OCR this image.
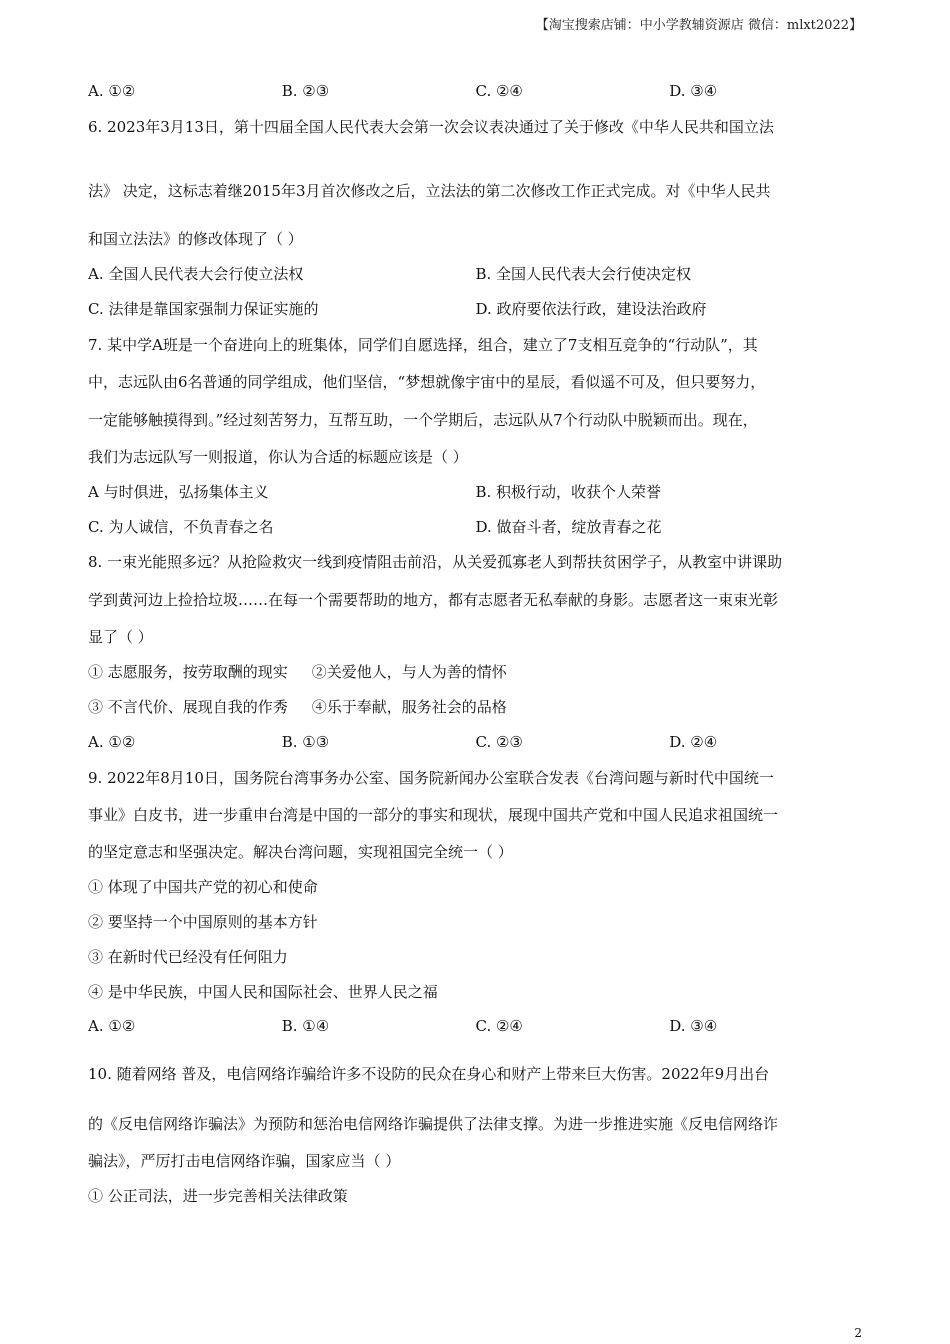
【淘宝搜索店铺：中小学教辅资源店 微信：mlxt2022】
A. ①②	B. ②③	C. ②④	D. ③④
6. 2023年3月13日，第十四届全国人民代表大会第一次会议表决通过了关于修改《中华人民共和国立法
法》 决定，这标志着继2015年3月首次修改之后，立法法的第二次修改工作正式完成。对《中华人民共
和国立法法》的修改体现了（ ）
A. 全国人民代表大会行使立法权	B. 全国人民代表大会行使决定权
C. 法律是靠国家强制力保证实施的	D. 政府要依法行政，建设法治政府
7. 某中学A班是一个奋进向上的班集体，同学们自愿选择，组合，建立了7支相互竞争的“行动队”，其
中，志远队由6名普通的同学组成，他们坚信，“梦想就像宇宙中的星辰，看似遥不可及，但只要努力，
一定能够触摸得到。”经过刻苦努力，互帮互助，一个学期后，志远队从7个行动队中脱颖而出。现在，
我们为志远队写一则报道，你认为合适的标题应该是（ ）
A 与时俱进，弘扬集体主义	B. 积极行动，收获个人荣誉
C. 为人诚信，不负青春之名	D. 做奋斗者，绽放青春之花
8. 一束光能照多远？从抢险救灾一线到疫情阻击前沿，从关爱孤寡老人到帮扶贫困学子，从教室中讲课助
学到黄河边上捡拾垃圾……在每一个需要帮助的地方，都有志愿者无私奉献的身影。志愿者这一束束光彰
显了（ ）
① 志愿服务，按劳取酬的现实 ②关爱他人，与人为善的情怀
③ 不言代价、展现自我的作秀 ④乐于奉献，服务社会的品格
A. ①②	B. ①③	C. ②③	D. ②④
9. 2022年8月10日，国务院台湾事务办公室、国务院新闻办公室联合发表《台湾问题与新时代中国统一
事业》白皮书，进一步重申台湾是中国的一部分的事实和现状，展现中国共产党和中国人民追求祖国统一
的坚定意志和坚强决定。解决台湾问题，实现祖国完全统一（ ）
① 体现了中国共产党的初心和使命
② 要坚持一个中国原则的基本方针
③ 在新时代已经没有任何阻力
④ 是中华民族，中国人民和国际社会、世界人民之福
A. ①②	B. ①④	C. ②④	D. ③④
10. 随着网络 普及，电信网络诈骗给许多不设防的民众在身心和财产上带来巨大伤害。2022年9月出台
的《反电信网络诈骗法》为预防和惩治电信网络诈骗提供了法律支撑。为进一步推进实施《反电信网络诈
骗法》，严厉打击电信网络诈骗，国家应当（ ）
① 公正司法，进一步完善相关法律政策
2
